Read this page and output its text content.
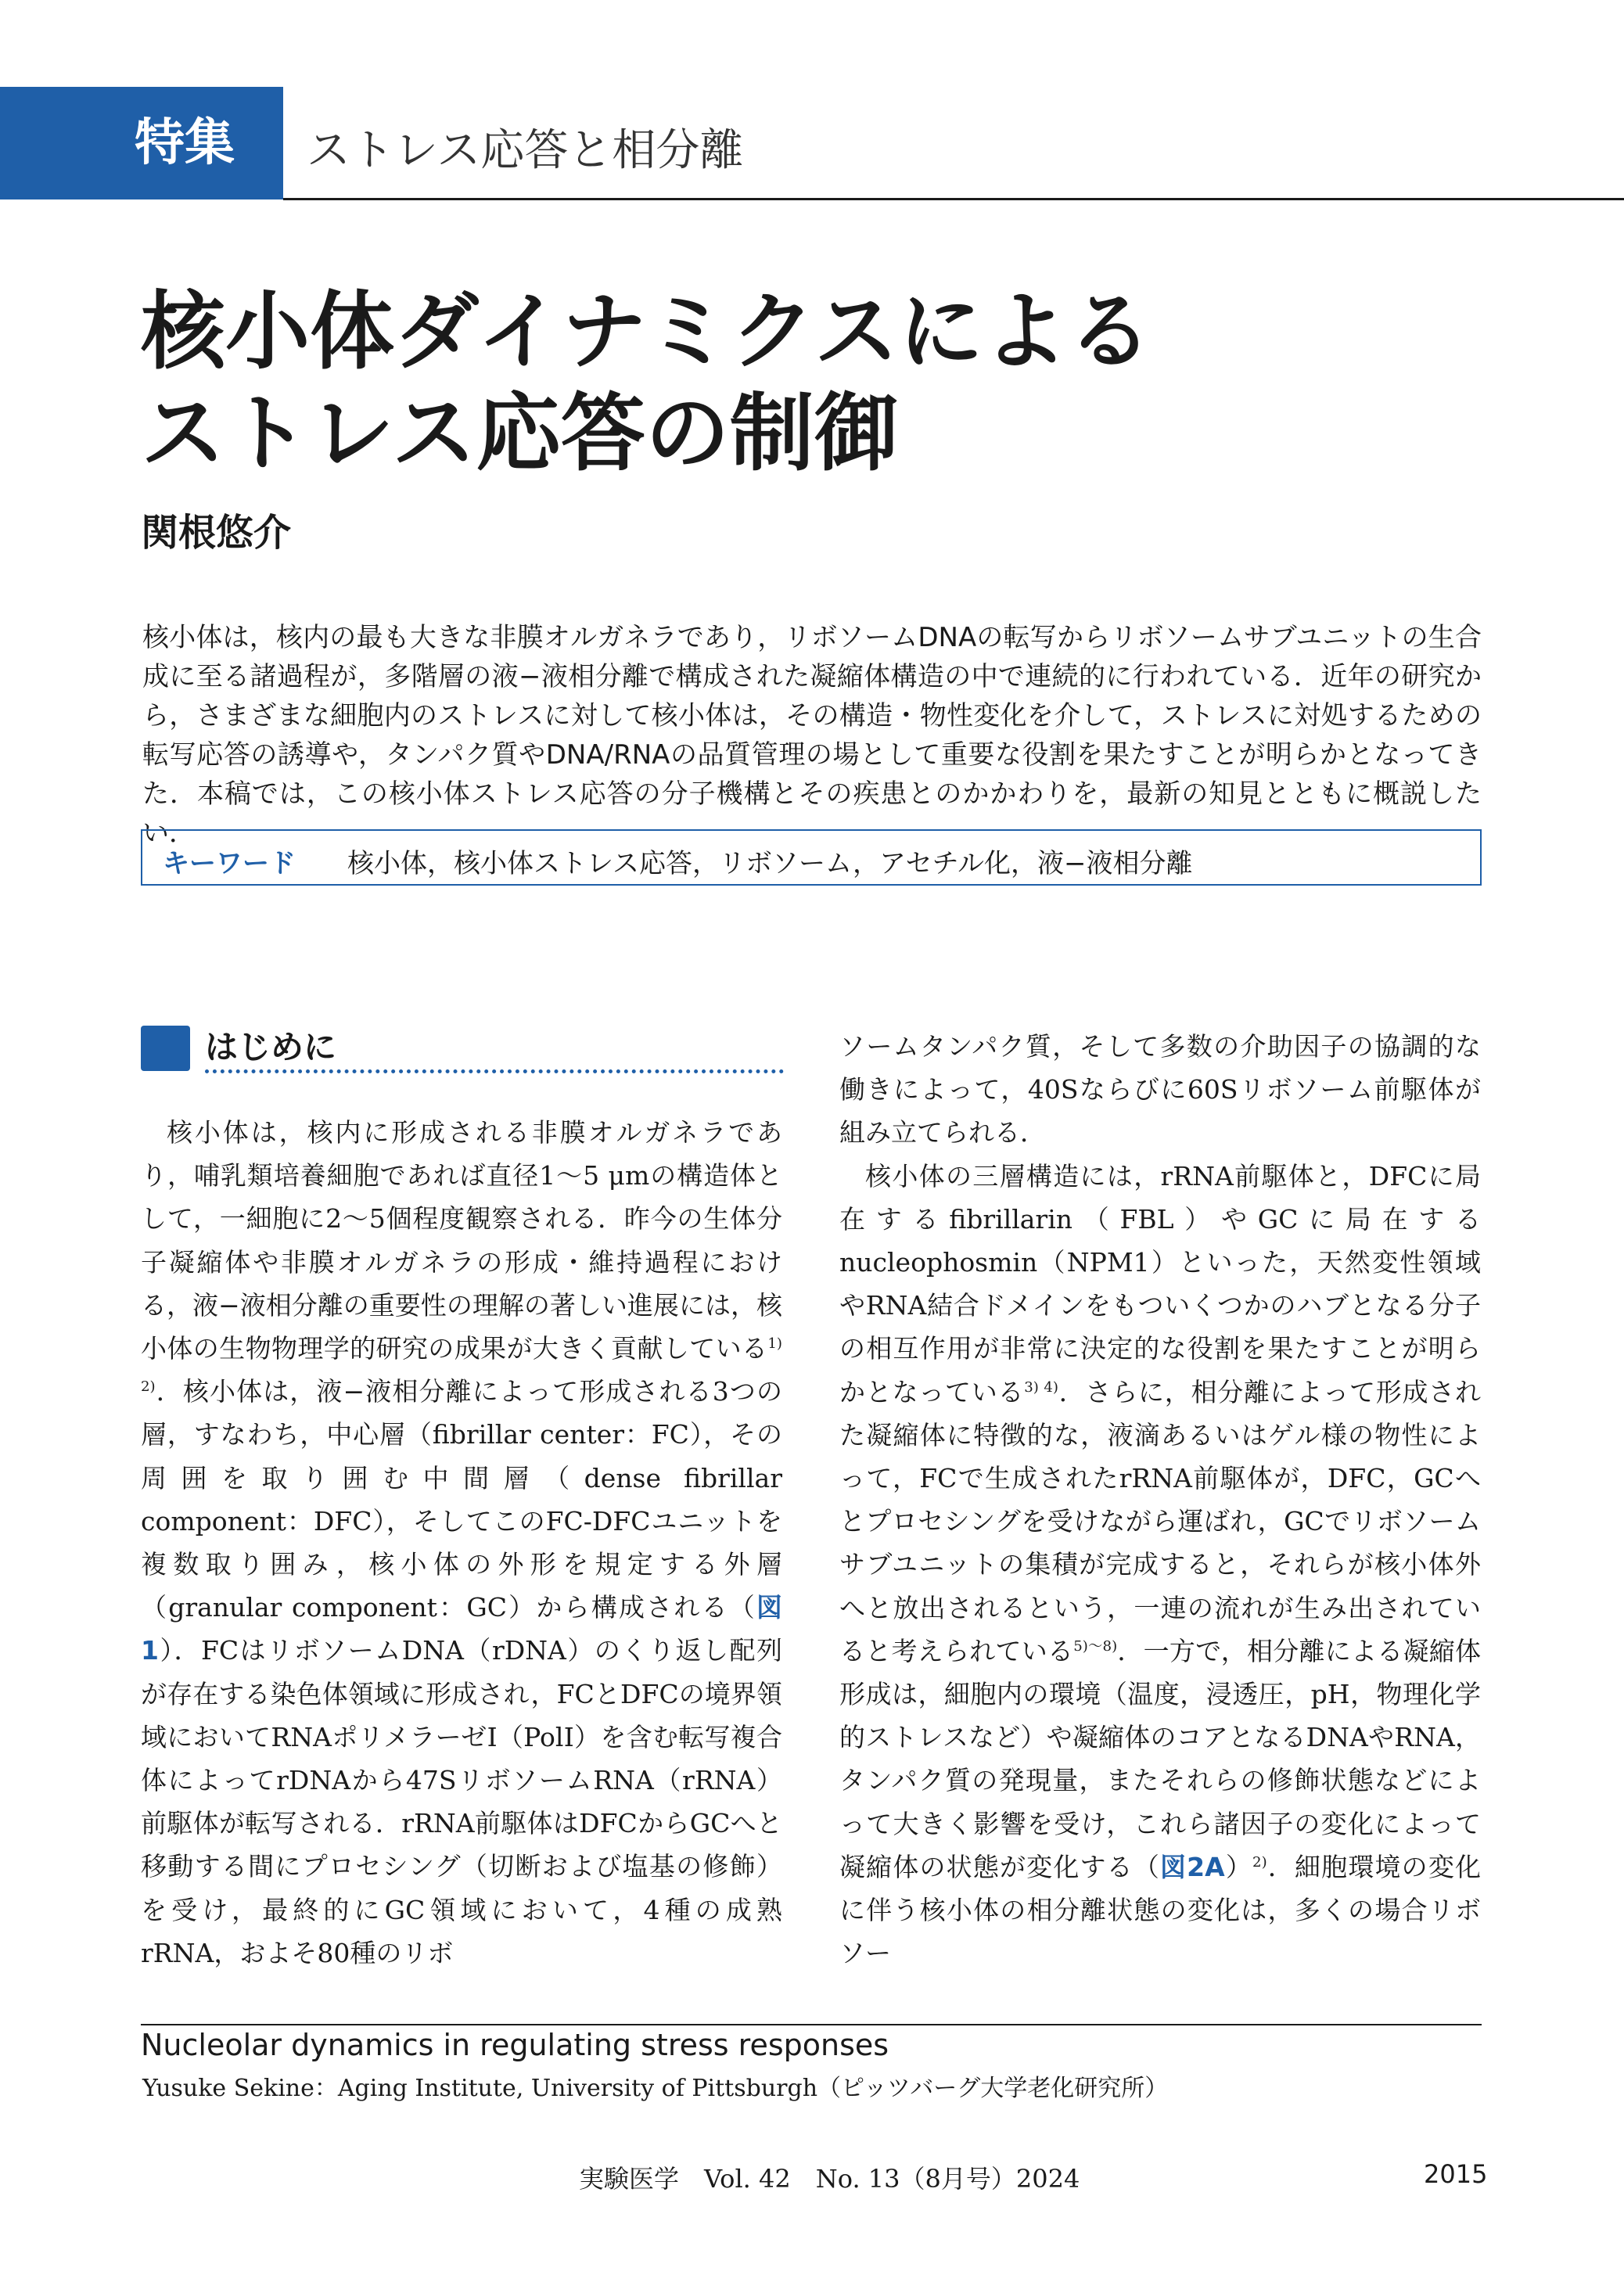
特集	ストレス応答と相分離
核小体ダイナミクスによる
ストレス応答の制御
関根悠介
核小体は，核内の最も大きな非膜オルガネラであり，リボソームDNAの転写からリボソームサブユニットの生合成に至る諸過程が，多階層の液−液相分離で構成された凝縮体構造の中で連続的に行われている．近年の研究から，さまざまな細胞内のストレスに対して核小体は，その構造・物性変化を介して，ストレスに対処するための転写応答の誘導や，タンパク質やDNA/RNAの品質管理の場として重要な役割を果たすことが明らかとなってきた．本稿では，この核小体ストレス応答の分子機構とその疾患とのかかわりを，最新の知見とともに概説したい．
キーワード 核小体，核小体ストレス応答，リボソーム，アセチル化，液−液相分離
はじめに

核小体は，核内に形成される非膜オルガネラであり，哺乳類培養細胞であれば直径1〜5 μmの構造体として，一細胞に2〜5個程度観察される．昨今の生体分子凝縮体や非膜オルガネラの形成・維持過程における，液−液相分離の重要性の理解の著しい進展には，核小体の生物物理学的研究の成果が大きく貢献している$^{1) 2)}$．核小体は，液−液相分離によって形成される3つの層，すなわち，中心層（fibrillar center：FC），その周囲を取り囲む中間層（dense fibrillar component：DFC），そしてこのFC-DFCユニットを複数取り囲み，核小体の外形を規定する外層（granular component：GC）から構成される（図1）．FCはリボソームDNA（rDNA）のくり返し配列が存在する染色体領域に形成され，FCとDFCの境界領域においてRNAポリメラーゼⅠ（PolⅠ）を含む転写複合体によってrDNAから47SリボソームRNA（rRNA）前駆体が転写される．rRNA前駆体はDFCからGCへと移動する間にプロセシング（切断および塩基の修飾）を受け，最終的にGC領域において，4種の成熟rRNA，およそ80種のリボ

ソームタンパク質，そして多数の介助因子の協調的な働きによって，40Sならびに60Sリボソーム前駆体が組み立てられる．

核小体の三層構造には，rRNA前駆体と，DFCに局在するfibrillarin（FBL）やGCに局在するnucleophosmin（NPM1）といった，天然変性領域やRNA結合ドメインをもついくつかのハブとなる分子の相互作用が非常に決定的な役割を果たすことが明らかとなっている$^{3) 4)}$．さらに，相分離によって形成された凝縮体に特徴的な，液滴あるいはゲル様の物性によって，FCで生成されたrRNA前駆体が，DFC，GCへとプロセシングを受けながら運ばれ，GCでリボソームサブユニットの集積が完成すると，それらが核小体外へと放出されるという，一連の流れが生み出されていると考えられている$^{5)〜8)}$．一方で，相分離による凝縮体形成は，細胞内の環境（温度，浸透圧，pH，物理化学的ストレスなど）や凝縮体のコアとなるDNAやRNA，タンパク質の発現量，またそれらの修飾状態などによって大きく影響を受け，これら諸因子の変化によって凝縮体の状態が変化する（図2A）$^{2)}$．細胞環境の変化に伴う核小体の相分離状態の変化は，多くの場合リボソー

Nucleolar dynamics in regulating stress responses
Yusuke Sekine：Aging Institute, University of Pittsburgh（ピッツバーグ大学老化研究所）
実験医学　Vol. 42　No. 13（8月号）2024	2015
